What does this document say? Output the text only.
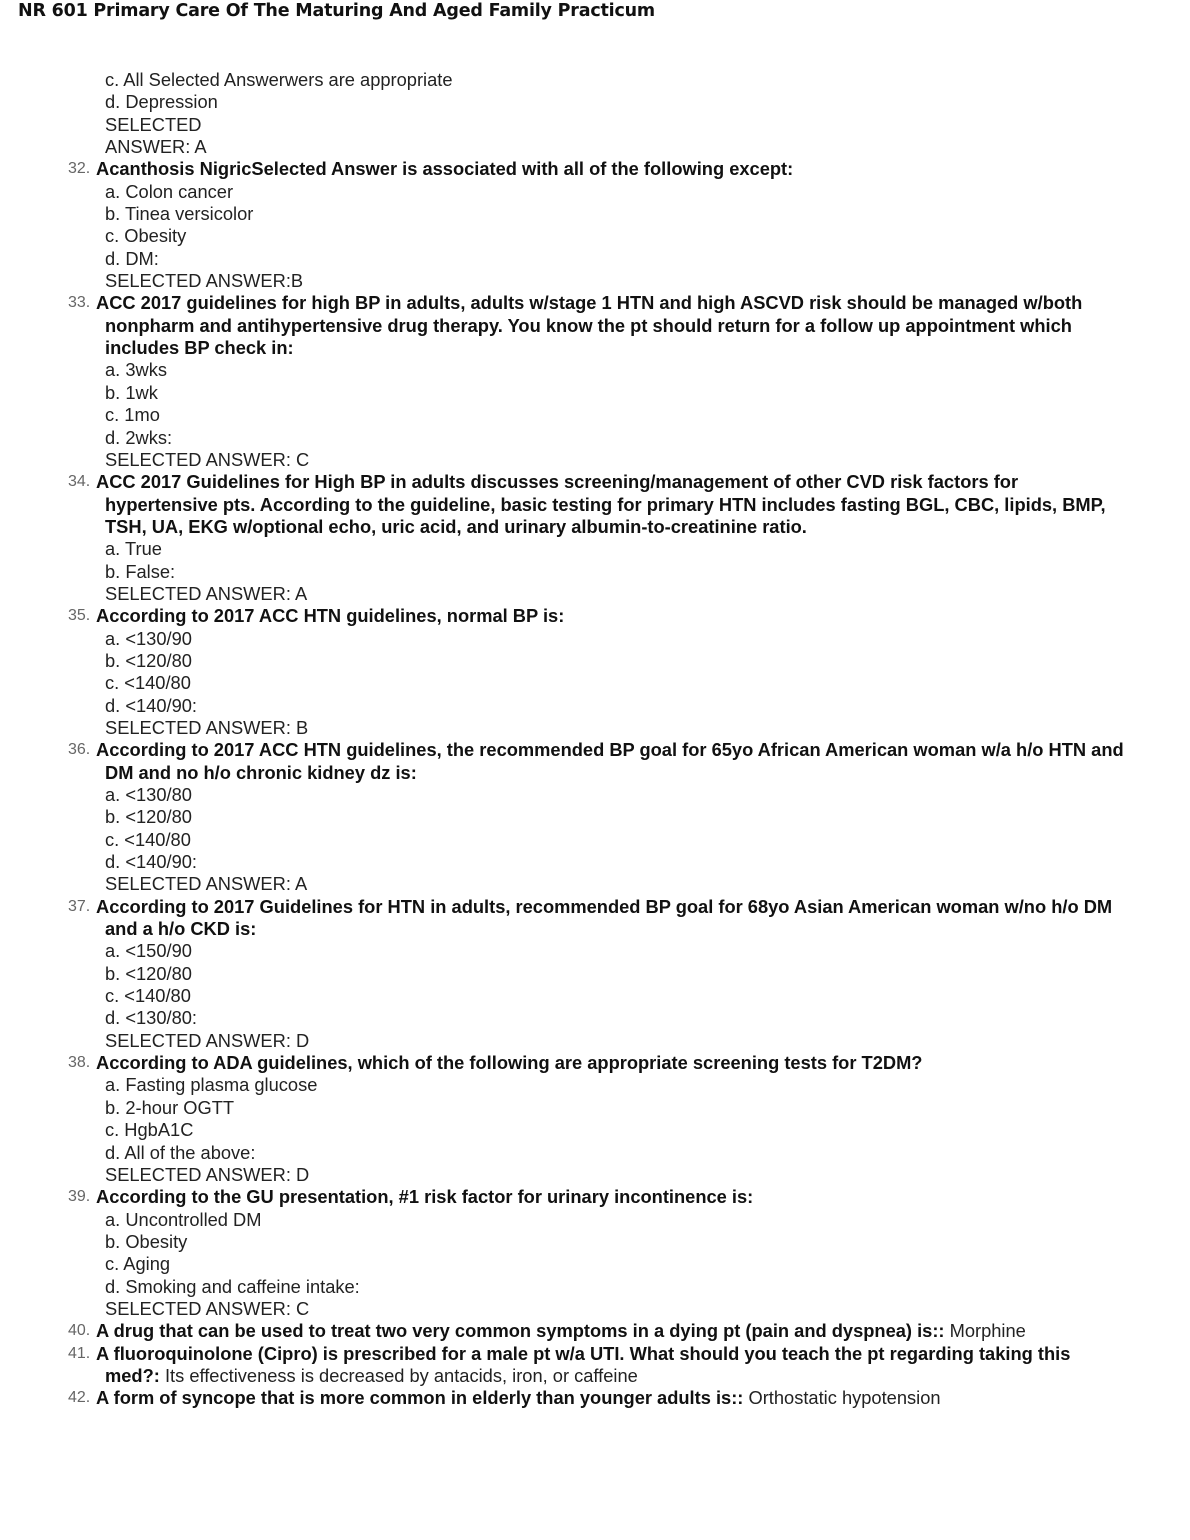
NR 601 Primary Care Of The Maturing And Aged Family Practicum
c. All Selected Answerwers are appropriate
d. Depression
SELECTED
ANSWER: A
32. Acanthosis NigricSelected Answer is associated with all of the following except:
a. Colon cancer
b. Tinea versicolor
c. Obesity
d. DM:
SELECTED ANSWER:B
33. ACC 2017 guidelines for high BP in adults, adults w/stage 1 HTN and high ASCVD risk should be managed w/both nonpharm and antihypertensive drug therapy. You know the pt should return for a follow up appointment which includes BP check in:
a. 3wks
b. 1wk
c. 1mo
d. 2wks:
SELECTED ANSWER: C
34. ACC 2017 Guidelines for High BP in adults discusses screening/management of other CVD risk factors for hypertensive pts. According to the guideline, basic testing for primary HTN includes fasting BGL, CBC, lipids, BMP, TSH, UA, EKG w/optional echo, uric acid, and urinary albumin-to-creatinine ratio.
a. True
b. False:
SELECTED ANSWER: A
35. According to 2017 ACC HTN guidelines, normal BP is:
a. <130/90
b. <120/80
c. <140/80
d. <140/90:
SELECTED ANSWER: B
36. According to 2017 ACC HTN guidelines, the recommended BP goal for 65yo African American woman w/a h/o HTN and DM and no h/o chronic kidney dz is:
a. <130/80
b. <120/80
c. <140/80
d. <140/90:
SELECTED ANSWER: A
37. According to 2017 Guidelines for HTN in adults, recommended BP goal for 68yo Asian American woman w/no h/o DM and a h/o CKD is:
a. <150/90
b. <120/80
c. <140/80
d. <130/80:
SELECTED ANSWER: D
38. According to ADA guidelines, which of the following are appropriate screening tests for T2DM?
a. Fasting plasma glucose
b. 2-hour OGTT
c. HgbA1C
d. All of the above:
SELECTED ANSWER: D
39. According to the GU presentation, #1 risk factor for urinary incontinence is:
a. Uncontrolled DM
b. Obesity
c. Aging
d. Smoking and caffeine intake:
SELECTED ANSWER: C
40. A drug that can be used to treat two very common symptoms in a dying pt (pain and dyspnea) is:: Morphine
41. A fluoroquinolone (Cipro) is prescribed for a male pt w/a UTI. What should you teach the pt regarding taking this med?: Its effectiveness is decreased by antacids, iron, or caffeine
42. A form of syncope that is more common in elderly than younger adults is:: Orthostatic hypotension
